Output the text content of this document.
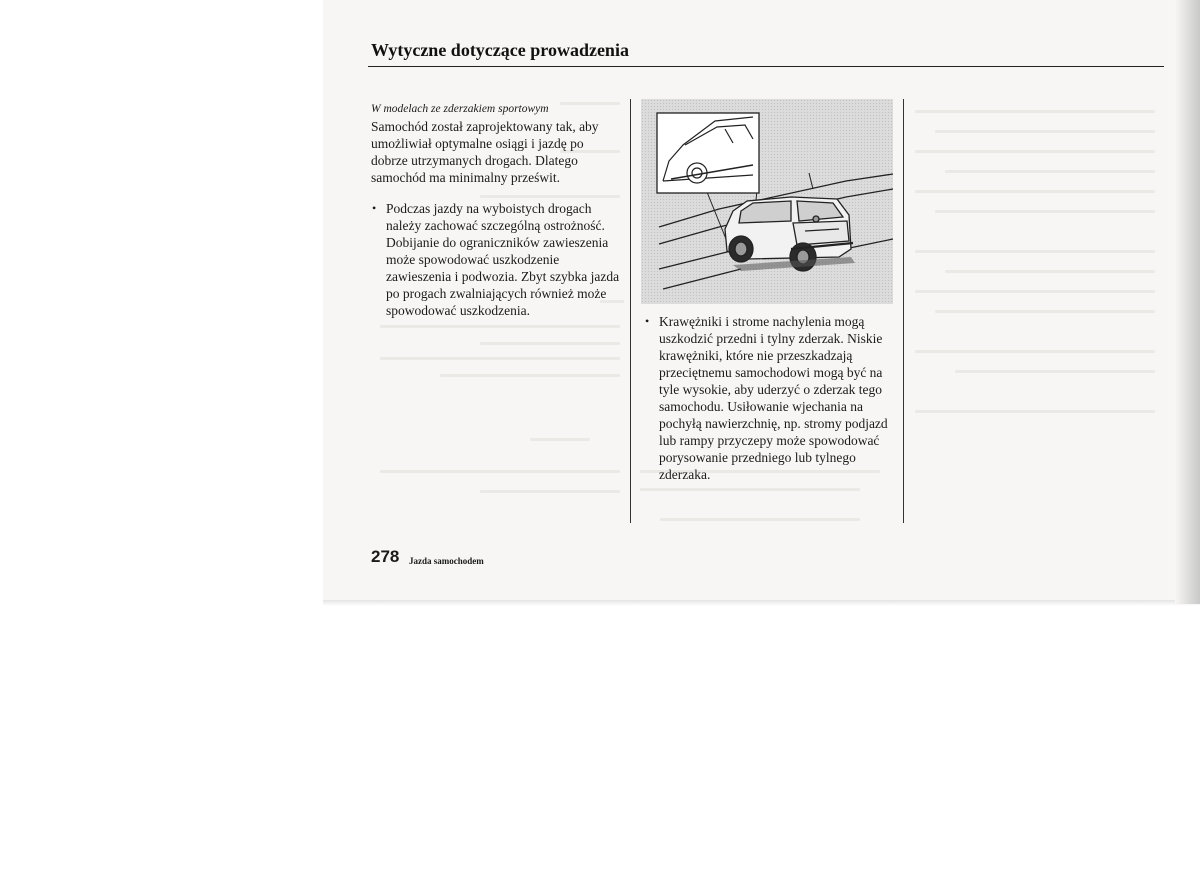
Wytyczne dotyczące prowadzenia

W modelach ze zderzakiem sportowym

Samochód został zaprojektowany tak, aby

umożliwiał optymalne osiągi i jazdę po

dobrze utrzymanych drogach. Dlatego

samochód ma minimalny prześwit.

• Podczas jazdy na wyboistych drogach

należy zachować szczególną ostrożność.

Dobijanie do ograniczników zawieszenia

może spowodować uszkodzenie

zawieszenia i podwozia. Zbyt szybka jazda

po progach zwalniających również może

spowodować uszkodzenia.

• Krawężniki i strome nachylenia mogą

uszkodzić przedni i tylny zderzak. Niskie

krawężniki, które nie przeszkadzają

przeciętnemu samochodowi mogą być na

tyle wysokie, aby uderzyć o zderzak tego

samochodu. Usiłowanie wjechania na

pochyłą nawierzchnię, np. stromy podjazd

lub rampy przyczepy może spowodować

porysowanie przedniego lub tylnego

zderzaka.

278 Jazda samochodem
